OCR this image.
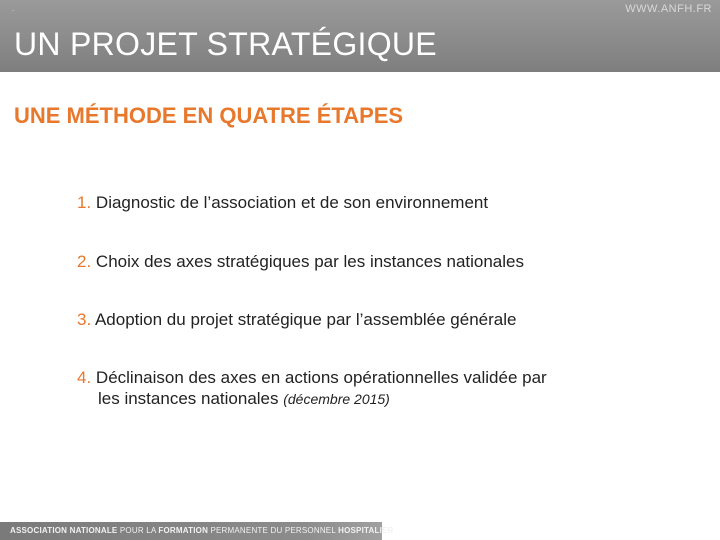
.	WWW.ANFH.FR
UN PROJET STRATÉGIQUE
UNE MÉTHODE EN QUATRE ÉTAPES
1. Diagnostic de l’association et de son environnement
2. Choix des axes stratégiques par les instances nationales
3. Adoption du projet stratégique par l’assemblée générale
4. Déclinaison des axes en actions opérationnelles validée par
les instances nationales (décembre 2015)
ASSOCIATION NATIONALE POUR LA FORMATION PERMANENTE DU PERSONNEL HOSPITALIER
